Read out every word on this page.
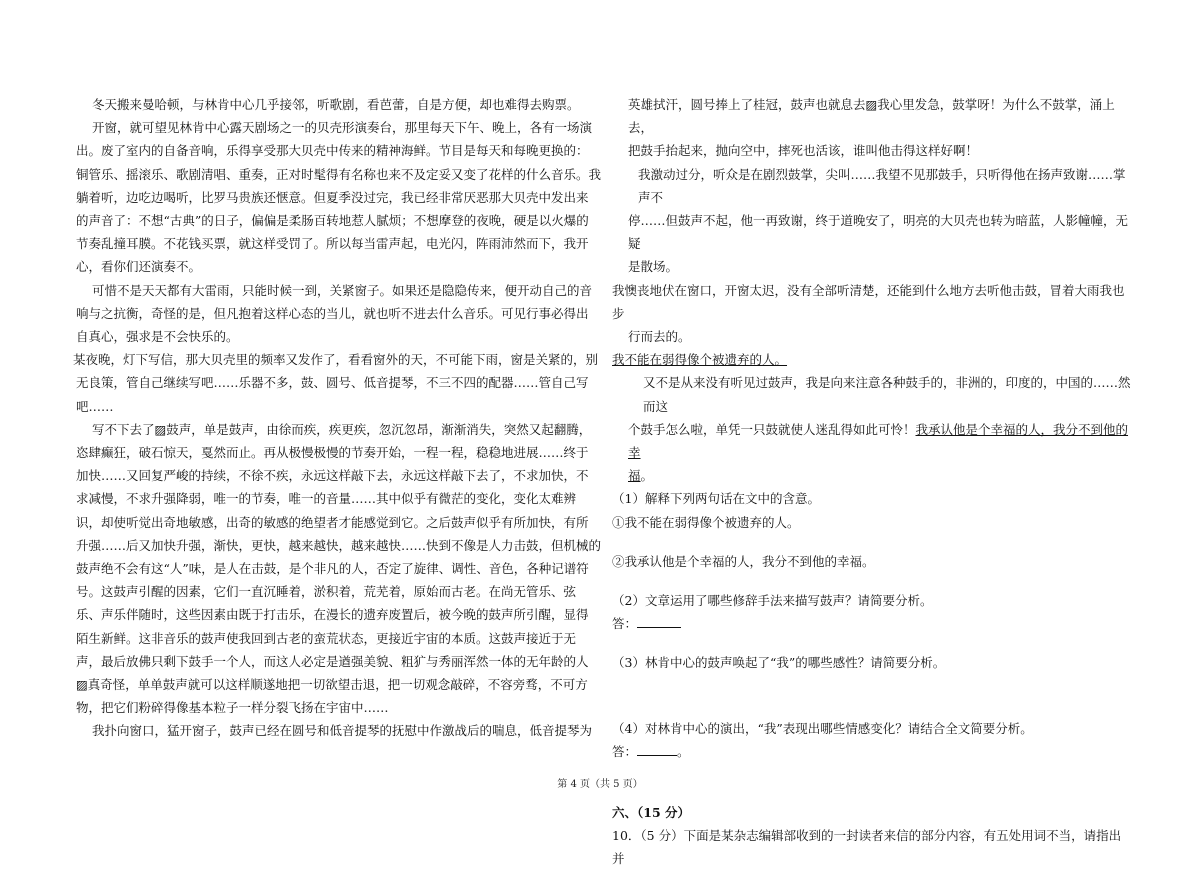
冬天搬来曼哈顿，与林肯中心几乎接邻，听歌剧，看芭蕾，自是方便，却也难得去购票。

开窗，就可望见林肯中心露天剧场之一的贝壳形演奏台，那里每天下午、晚上，各有一场演

出。废了室内的自备音响，乐得享受那大贝壳中传来的精神海鲜。节目是每天和每晚更换的：

铜管乐、摇滚乐、歌剧清唱、重奏，正对时髦得有名称也来不及定妥又变了花样的什么音乐。我

躺着听，边吃边喝听，比罗马贵族还惬意。但夏季没过完，我已经非常厌恶那大贝壳中发出来

的声音了：不想“古典”的日子，偏偏是柔肠百转地惹人腻烦；不想摩登的夜晚，硬是以火爆的

节奏乱撞耳膜。不花钱买票，就这样受罚了。所以每当雷声起，电光闪，阵雨沛然而下，我开

心，看你们还演奏不。

可惜不是天天都有大雷雨，只能时候一到，关紧窗子。如果还是隐隐传来，便开动自己的音

响与之抗衡，奇怪的是，但凡抱着这样心态的当儿，就也听不进去什么音乐。可见行事必得出

自真心，强求是不会快乐的。

某夜晚，灯下写信，那大贝壳里的频率又发作了，看看窗外的天，不可能下雨，窗是关紧的，别

无良策，管自己继续写吧……乐器不多，鼓、圆号、低音提琴，不三不四的配器……管自己写

吧……

写不下去了▨鼓声，单是鼓声，由徐而疾，疾更疾，忽沉忽昂，渐渐消失，突然又起翻腾，

恣肆癫狂，破石惊天，戛然而止。再从极慢极慢的节奏开始，一程一程，稳稳地进展……终于

加快……又回复严峻的持续，不徐不疾，永远这样敲下去，永远这样敲下去了，不求加快，不

求减慢，不求升强降弱，唯一的节奏，唯一的音量……其中似乎有微茫的变化，变化太难辨

识，却使听觉出奇地敏感，出奇的敏感的绝望者才能感觉到它。之后鼓声似乎有所加快，有所

升强……后又加快升强，渐快，更快，越来越快，越来越快……快到不像是人力击鼓，但机械的

鼓声绝不会有这“人”味，是人在击鼓，是个非凡的人，否定了旋律、调性、音色，各种记谱符

号。这鼓声引醒的因素，它们一直沉睡着，淤积着，荒芜着，原始而古老。在尚无管乐、弦

乐、声乐伴随时，这些因素由既于打击乐，在漫长的遗弃废置后，被今晚的鼓声所引醒，显得

陌生新鲜。这非音乐的鼓声使我回到古老的蛮荒状态，更接近宇宙的本质。这鼓声接近于无

声，最后放佛只剩下鼓手一个人，而这人必定是遒强美貌、粗犷与秀丽浑然一体的无年龄的人

▨真奇怪，单单鼓声就可以这样顺遂地把一切欲望击退，把一切观念敲碎，不容旁骛，不可方

物，把它们粉碎得像基本粒子一样分裂飞扬在宇宙中……

我扑向窗口，猛开窗子，鼓声已经在圆号和低音提琴的抚慰中作激战后的喘息，低音提琴为

英雄拭汗，圆号捧上了桂冠，鼓声也就息去▨我心里发急，鼓掌呀！为什么不鼓掌，涌上去，

把鼓手抬起来，抛向空中，摔死也活该，谁叫他击得这样好啊！

我激动过分，听众是在剧烈鼓掌，尖叫……我望不见那鼓手，只听得他在扬声致谢……掌声不

停……但鼓声不起，他一再致谢，终于道晚安了，明亮的大贝壳也转为暗蓝，人影幢幢，无疑

是散场。

我懊丧地伏在窗口，开窗太迟，没有全部听清楚，还能到什么地方去听他击鼓，冒着大雨我也步

行而去的。

我不能在弱得像个被遗弃的人。

又不是从来没有听见过鼓声，我是向来注意各种鼓手的，非洲的，印度的，中国的……然而这

个鼓手怎么啦，单凭一只鼓就使人迷乱得如此可怜！我承认他是个幸福的人，我分不到他的幸

福。

（1）解释下列两句话在文中的含意。

①我不能在弱得像个被遗弃的人。

②我承认他是个幸福的人，我分不到他的幸福。

（2）文章运用了哪些修辞手法来描写鼓声？请简要分析。

答：

（3）林肯中心的鼓声唤起了“我”的哪些感性？请简要分析。

（4）对林肯中心的演出，“我”表现出哪些情感变化？请结合全文简要分析。

答：	。

六、（15 分）

10．（5 分）下面是某杂志编辑部收到的一封读者来信的部分内容，有五处用词不当，请指出并

第 4 页（共 5 页）
